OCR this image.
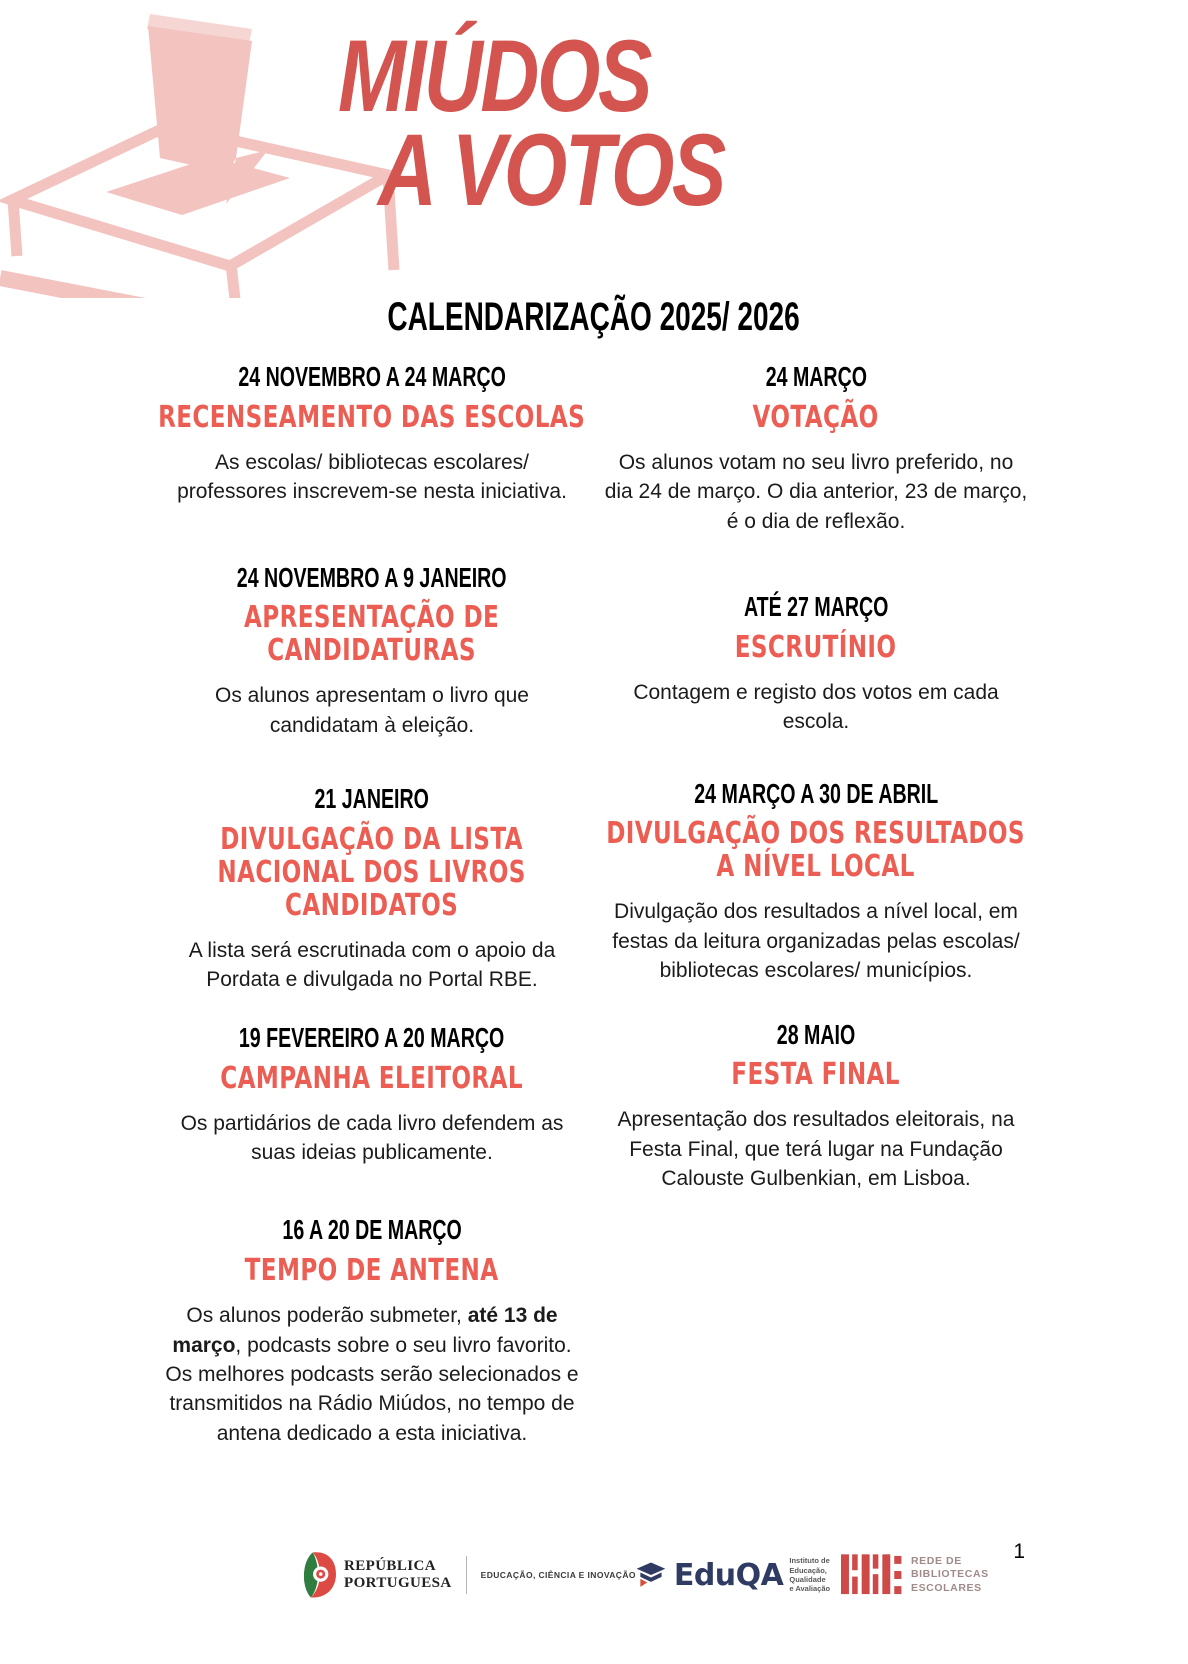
MIÚDOS
A VOTOS
CALENDARIZAÇÃO 2025/ 2026
24 NOVEMBRO A 24 MARÇO
RECENSEAMENTO DAS ESCOLAS

As escolas/ bibliotecas escolares/ professores inscrevem-se nesta iniciativa.

24 NOVEMBRO A 9 JANEIRO
APRESENTAÇÃO DE CANDIDATURAS

Os alunos apresentam o livro que candidatam à eleição.

21 JANEIRO
DIVULGAÇÃO DA LISTA NACIONAL DOS LIVROS CANDIDATOS

A lista será escrutinada com o apoio da Pordata e divulgada no Portal RBE.

19 FEVEREIRO A 20 MARÇO
CAMPANHA ELEITORAL

Os partidários de cada livro defendem as suas ideias publicamente.

16 A 20 DE MARÇO
TEMPO DE ANTENA

Os alunos poderão submeter, até 13 de março, podcasts sobre o seu livro favorito. Os melhores podcasts serão selecionados e transmitidos na Rádio Miúdos, no tempo de antena dedicado a esta iniciativa.

24 MARÇO
VOTAÇÃO

Os alunos votam no seu livro preferido, no dia 24 de março. O dia anterior, 23 de março, é o dia de reflexão.

ATÉ 27 MARÇO
ESCRUTÍNIO

Contagem e registo dos votos em cada escola.

24 MARÇO A 30 DE ABRIL
DIVULGAÇÃO DOS RESULTADOS A NÍVEL LOCAL

Divulgação dos resultados a nível local, em festas da leitura organizadas pelas escolas/ bibliotecas escolares/ municípios.

28 MAIO
FESTA FINAL

Apresentação dos resultados eleitorais, na Festa Final, que terá lugar na Fundação Calouste Gulbenkian, em Lisboa.

REPÚBLICA
PORTUGUESA	EDUCAÇÃO, CIÊNCIA E INOVAÇÃO EduQA Instituto de
Educação, Qualidade
e Avaliação
REDE DE
BIBLIOTECAS
ESCOLARES
1
